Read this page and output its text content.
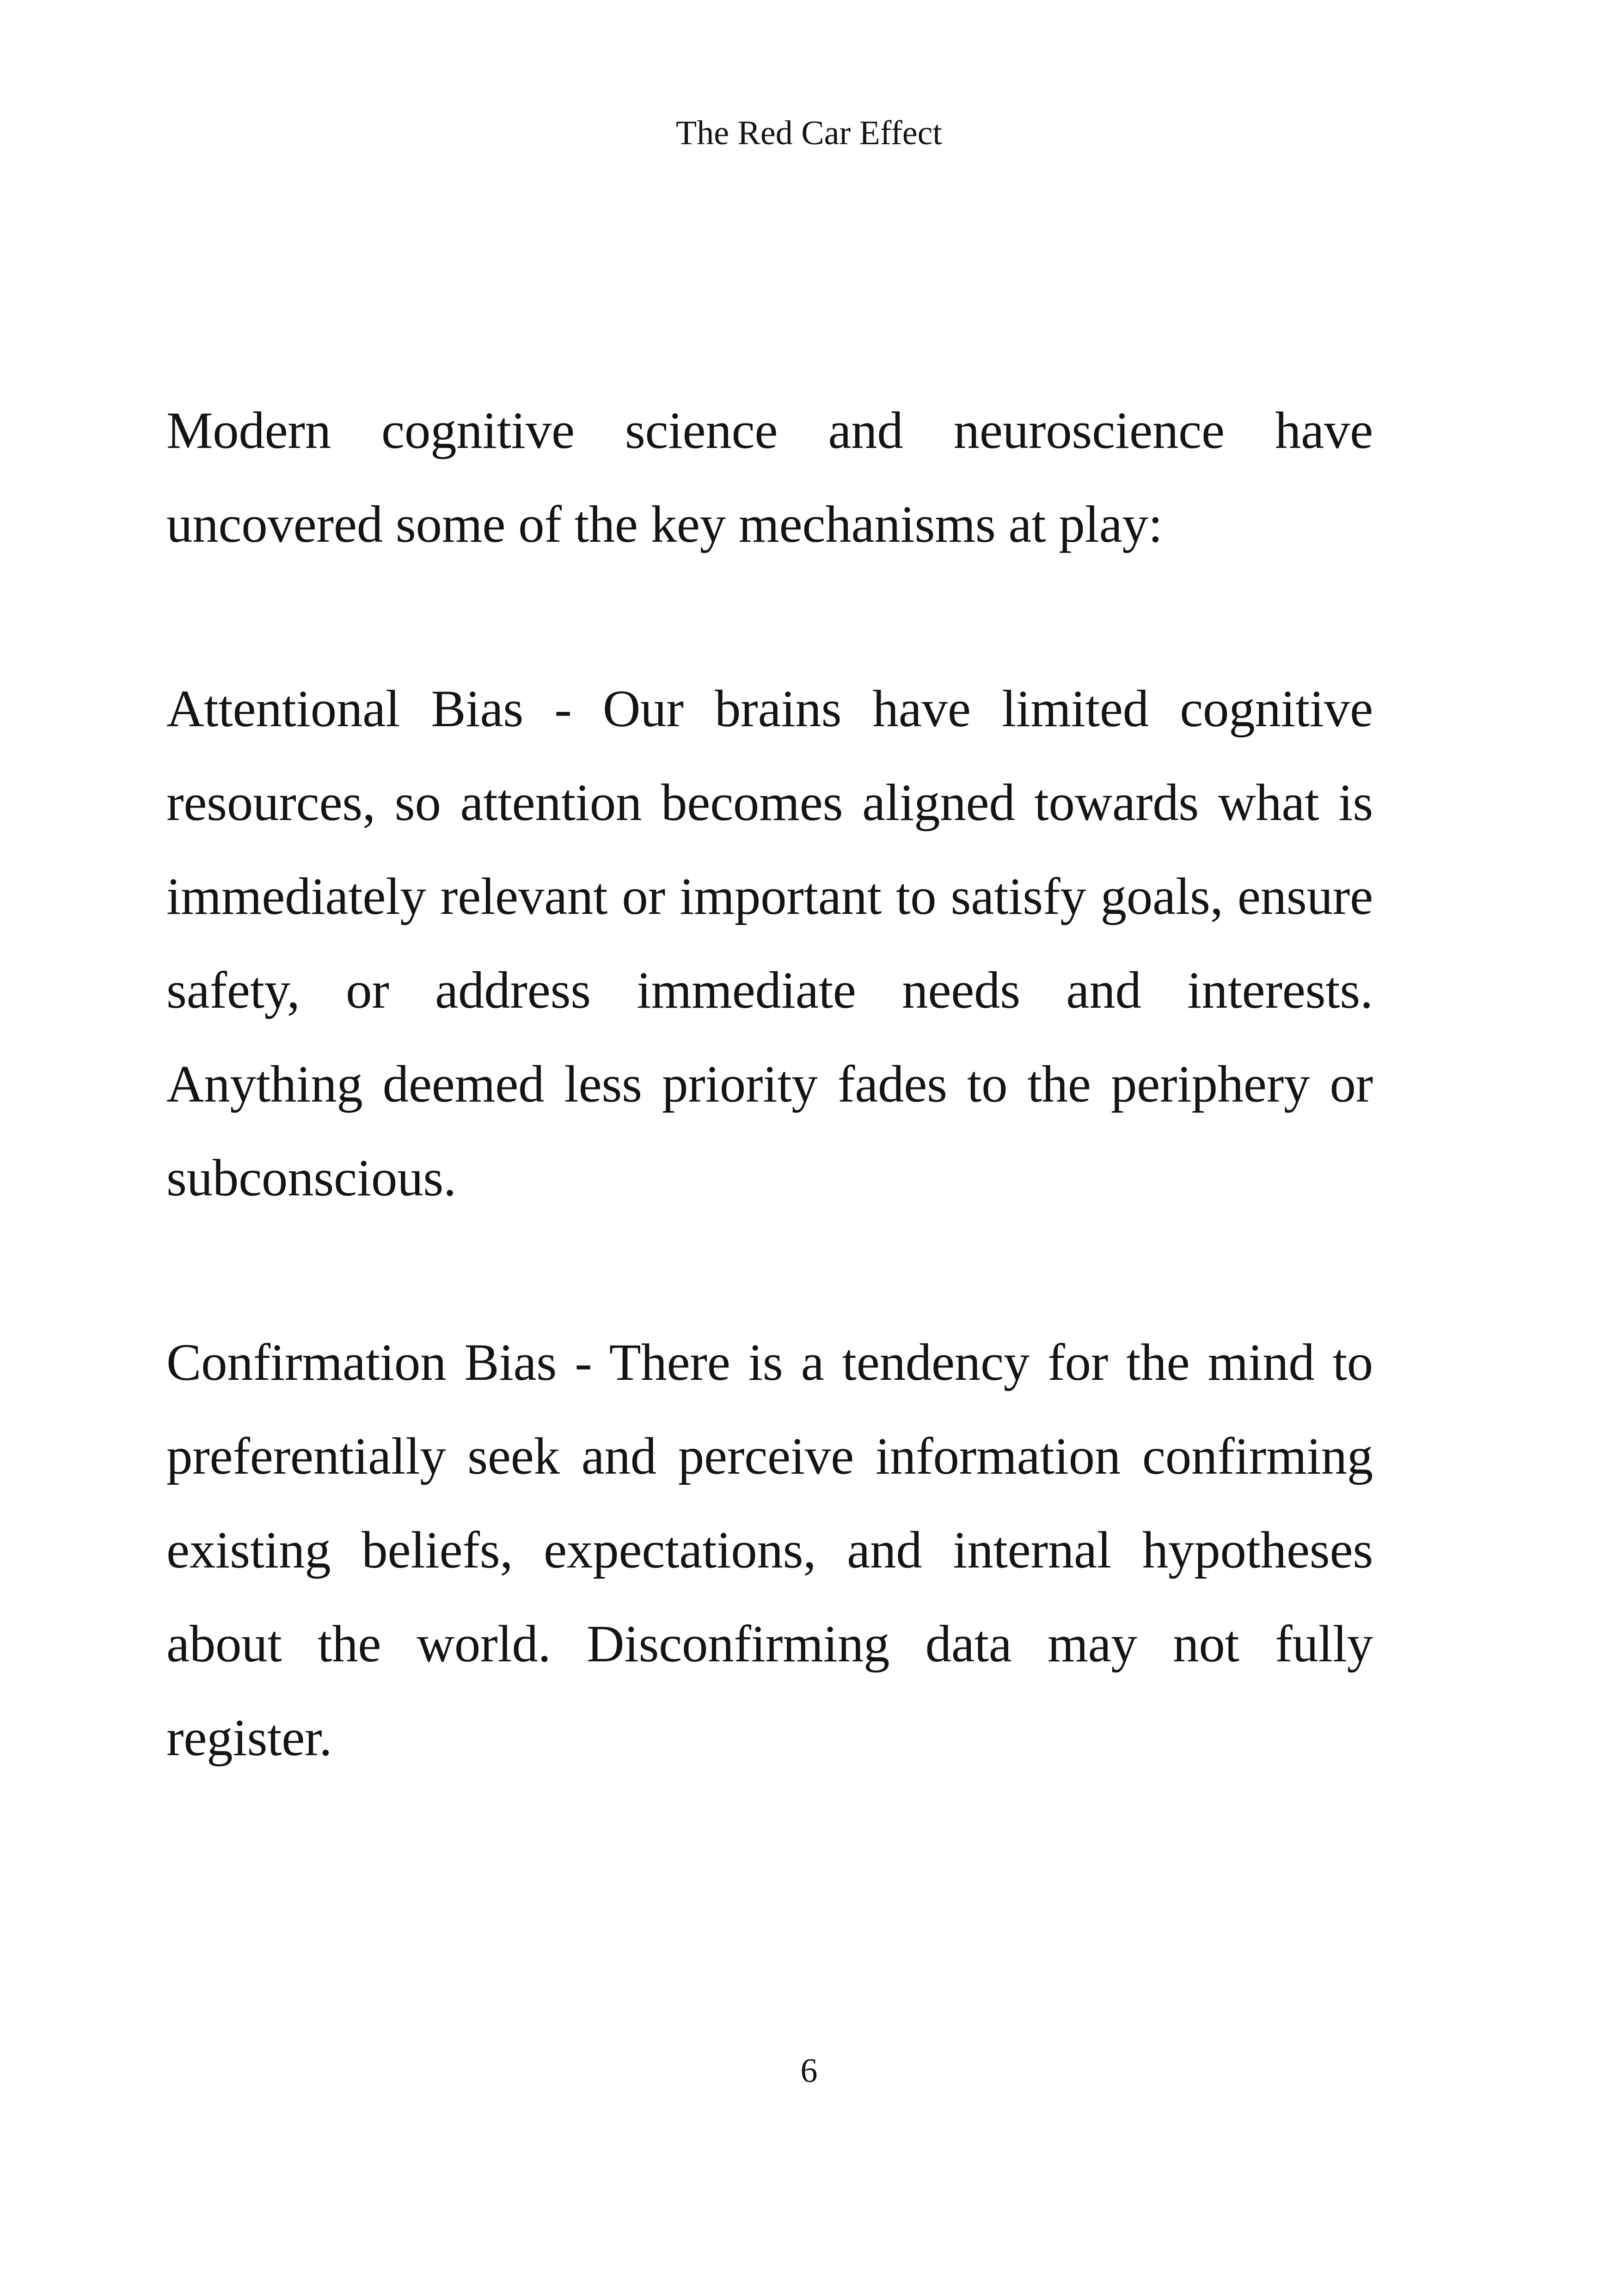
The Red Car Effect

Modern cognitive science and neuroscience have uncovered some of the key mechanisms at play:

Attentional Bias - Our brains have limited cognitive resources, so attention becomes aligned towards what is immediately relevant or important to satisfy goals, ensure safety, or address immediate needs and interests. Anything deemed less priority fades to the periphery or subconscious.

Confirmation Bias - There is a tendency for the mind to preferentially seek and perceive information confirming existing beliefs, expectations, and internal hypotheses about the world. Disconfirming data may not fully register.

6
